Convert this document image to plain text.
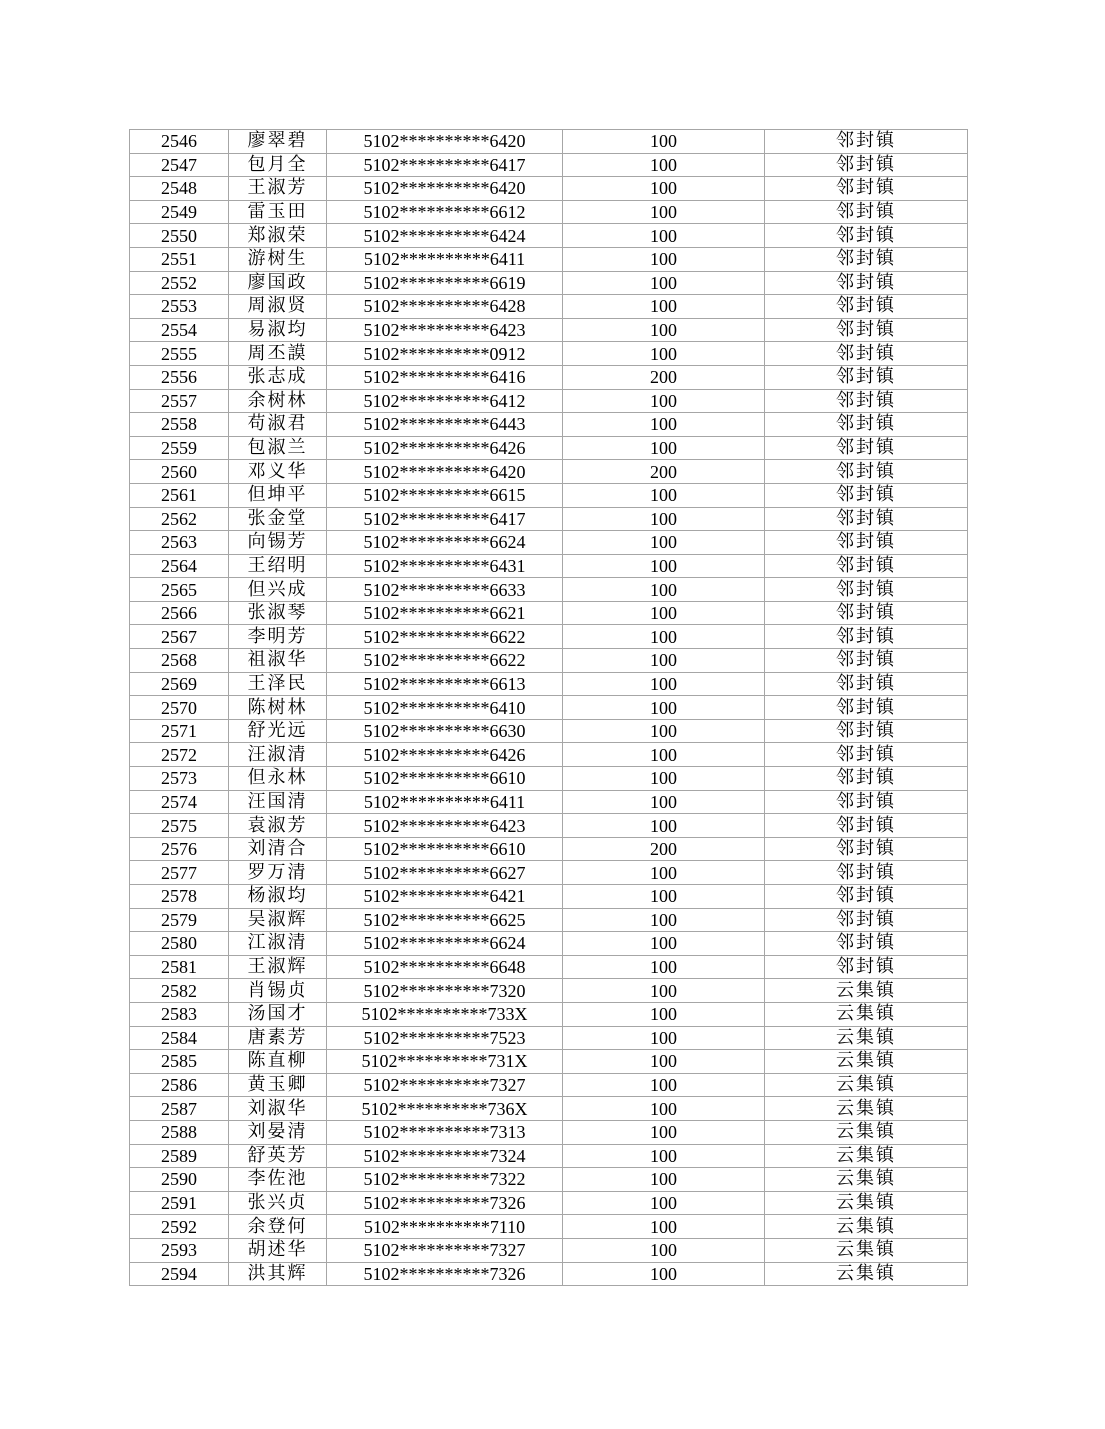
2546	廖翠碧	5102**********6420	100	邻封镇
2547	包月全	5102**********6417	100	邻封镇
2548	王淑芳	5102**********6420	100	邻封镇
2549	雷玉田	5102**********6612	100	邻封镇
2550	郑淑荣	5102**********6424	100	邻封镇
2551	游树生	5102**********6411	100	邻封镇
2552	廖国政	5102**********6619	100	邻封镇
2553	周淑贤	5102**********6428	100	邻封镇
2554	易淑均	5102**********6423	100	邻封镇
2555	周丕謨	5102**********0912	100	邻封镇
2556	张志成	5102**********6416	200	邻封镇
2557	余树林	5102**********6412	100	邻封镇
2558	苟淑君	5102**********6443	100	邻封镇
2559	包淑兰	5102**********6426	100	邻封镇
2560	邓义华	5102**********6420	200	邻封镇
2561	但坤平	5102**********6615	100	邻封镇
2562	张金堂	5102**********6417	100	邻封镇
2563	向锡芳	5102**********6624	100	邻封镇
2564	王绍明	5102**********6431	100	邻封镇
2565	但兴成	5102**********6633	100	邻封镇
2566	张淑琴	5102**********6621	100	邻封镇
2567	李明芳	5102**********6622	100	邻封镇
2568	祖淑华	5102**********6622	100	邻封镇
2569	王泽民	5102**********6613	100	邻封镇
2570	陈树林	5102**********6410	100	邻封镇
2571	舒光远	5102**********6630	100	邻封镇
2572	汪淑清	5102**********6426	100	邻封镇
2573	但永林	5102**********6610	100	邻封镇
2574	汪国清	5102**********6411	100	邻封镇
2575	袁淑芳	5102**********6423	100	邻封镇
2576	刘清合	5102**********6610	200	邻封镇
2577	罗万清	5102**********6627	100	邻封镇
2578	杨淑均	5102**********6421	100	邻封镇
2579	吴淑辉	5102**********6625	100	邻封镇
2580	江淑清	5102**********6624	100	邻封镇
2581	王淑辉	5102**********6648	100	邻封镇
2582	肖锡贞	5102**********7320	100	云集镇
2583	汤国才	5102**********733X	100	云集镇
2584	唐素芳	5102**********7523	100	云集镇
2585	陈直柳	5102**********731X	100	云集镇
2586	黄玉卿	5102**********7327	100	云集镇
2587	刘淑华	5102**********736X	100	云集镇
2588	刘晏清	5102**********7313	100	云集镇
2589	舒英芳	5102**********7324	100	云集镇
2590	李佐池	5102**********7322	100	云集镇
2591	张兴贞	5102**********7326	100	云集镇
2592	余登何	5102**********7110	100	云集镇
2593	胡述华	5102**********7327	100	云集镇
2594	洪其辉	5102**********7326	100	云集镇
